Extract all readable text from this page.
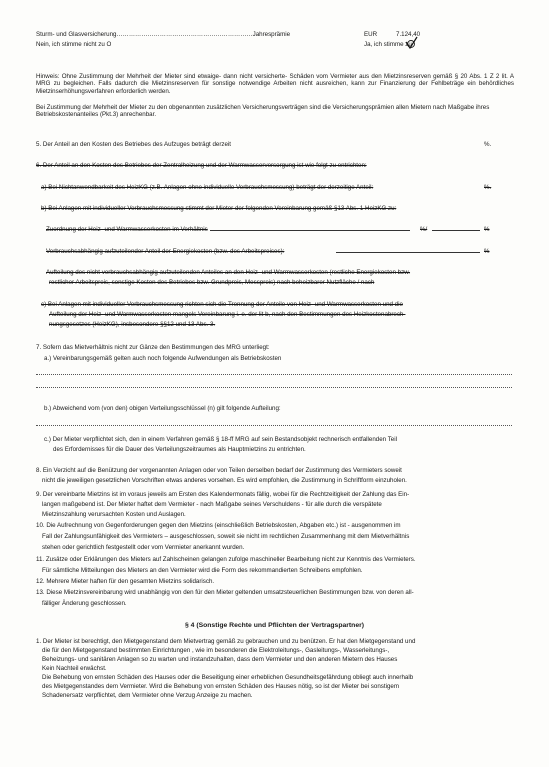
Sturm- und Glasversicherung…………………………………………………………Jahresprämie	EUR	7.124,40
Nein, ich stimme nicht zu O	Ja, ich stimme zu
Hinweis: Ohne Zustimmung der Mehrheit der Mieter sind etwaige- dann nicht versicherte- Schäden vom Vermieter aus den Mietzinsreserven gemäß § 20 Abs. 1 Z 2 lit. A MRG zu begleichen. Falls dadurch die Mietzinsreserven für sonstige notwendige Arbeiten nicht ausreichen, kann zur Finanzierung der Fehlbeträge ein behördliches Mietzinserhöhungsverfahren erforderlich werden.
Bei Zustimmung der Mehrheit der Mieter zu den obgenannten zusätzlichen Versicherungsverträgen sind die Versicherungsprämien allen Mietern nach Maßgabe ihres Betriebskostenanteiles (Pkt.3) anrechenbar.
5. Der Anteil an den Kosten des Betriebes des Aufzuges beträgt derzeit	%.
6. Der Anteil an den Kosten des Betriebes der Zentralheizung und der Warmwasserversorgung ist wie folgt zu entrichten:
a) Bei Nichtanwendbarkeit des HeizKG (z.B. Anlagen ohne individuelle Verbrauchsmessung) beträgt der derzeitige Anteil:	%.
b) Bei Anlagen mit individueller Verbrauchsmessung stimmt der Mieter der folgenden Vereinbarung gemäß §13 Abs. 1 HeizKG zu:
Zuordnung der Heiz- und Warmwasserkosten im Verhältnis	%/	%
Verbrauchsabhängig aufzuteilender Anteil der Energiekosten (bzw. des Arbeitspreises):	%
Aufteilung des nicht verbrauchsabhängig aufzuteilenden Anteiles an den Heiz- und Warmwasserkosten (restliche Energiekosten bzw.
restlicher Arbeitspreis, sonstige Kosten des Betriebes bzw. Grundpreis, Messpreis) nach beheizbarer Nutzfläche / nach
c) Bei Anlagen mit individueller Verbrauchsmessung richten sich die Trennung der Anteile von Heiz- und Warmwasserkosten und die
Aufteilung der Heiz- und Warmwasserkosten mangels Vereinbarung i. e. der lit b, nach den Bestimmungen des Heizkostenabrech-
nungsgesetzes (HeizKG), insbesondere §§12 und 13 Abs. 3.
7. Sofern das Mietverhältnis nicht zur Gänze den Bestimmungen des MRG unterliegt:
a.) Vereinbarungsgemäß gelten auch noch folgende Aufwendungen als Betriebskosten
b.) Abweichend vom (von den) obigen Verteilungsschlüssel (n) gilt folgende Aufteilung:
c.) Der Mieter verpflichtet sich, den in einem Verfahren gemäß § 18-ff MRG auf sein Bestandsobjekt rechnerisch entfallenden Teil
des Erfordernisses für die Dauer des Verteilungszeitraumes als Hauptmietzins zu entrichten.
8. Ein Verzicht auf die Benützung der vorgenannten Anlagen oder von Teilen derselben bedarf der Zustimmung des Vermieters soweit
nicht die jeweiligen gesetzlichen Vorschriften etwas anderes vorsehen. Es wird empfohlen, die Zustimmung in Schriftform einzuholen.
9. Der vereinbarte Mietzins ist im voraus jeweils am Ersten des Kalendermonats fällig, wobei für die Rechtzeitigkeit der Zahlung das Ein-
langen maßgebend ist. Der Mieter haftet dem Vermieter - nach Maßgabe seines Verschuldens - für alle durch die verspätete
Mietzinszahlung verursachten Kosten und Auslagen.
10. Die Aufrechnung von Gegenforderungen gegen den Mietzins (einschließlich Betriebskosten, Abgaben etc.) ist - ausgenommen im
Fall der Zahlungsunfähigkeit des Vermieters – ausgeschlossen, soweit sie nicht im rechtlichen Zusammenhang mit dem Mietverhältnis
stehen oder gerichtlich festgestellt oder vom Vermieter anerkannt wurden.
11. Zusätze oder Erklärungen des Mieters auf Zahlscheinen gelangen zufolge maschineller Bearbeitung nicht zur Kenntnis des Vermieters.
Für sämtliche Mitteilungen des Mieters an den Vermieter wird die Form des rekommandierten Schreibens empfohlen.
12. Mehrere Mieter haften für den gesamten Mietzins solidarisch.
13. Diese Mietzinsvereinbarung wird unabhängig von den für den Mieter geltenden umsatzsteuerlichen Bestimmungen bzw. von deren all-
fälliger Änderung geschlossen.
§ 4 (Sonstige Rechte und Pflichten der Vertragspartner)
1. Der Mieter ist berechtigt, den Mietgegenstand dem Mietvertrag gemäß zu gebrauchen und zu benützen. Er hat den Mietgegenstand und
die für den Mietgegenstand bestimmten Einrichtungen , wie im besonderen die Elektroleitungs-, Gasleitungs-, Wasserleitungs-,
Beheizungs- und sanitären Anlagen so zu warten und instandzuhalten, dass dem Vermieter und den anderen Mietern des Hauses
Kein Nachteil erwächst.
Die Behebung von ernsten Schäden des Hauses oder die Beseitigung einer erheblichen Gesundheitsgefährdung obliegt auch innerhalb
des Mietgegenstandes dem Vermieter. Wird die Behebung von ernsten Schäden des Hauses nötig, so ist der Mieter bei sonstigem
Schadenersatz verpflichtet, dem Vermieter ohne Verzug Anzeige zu machen.
